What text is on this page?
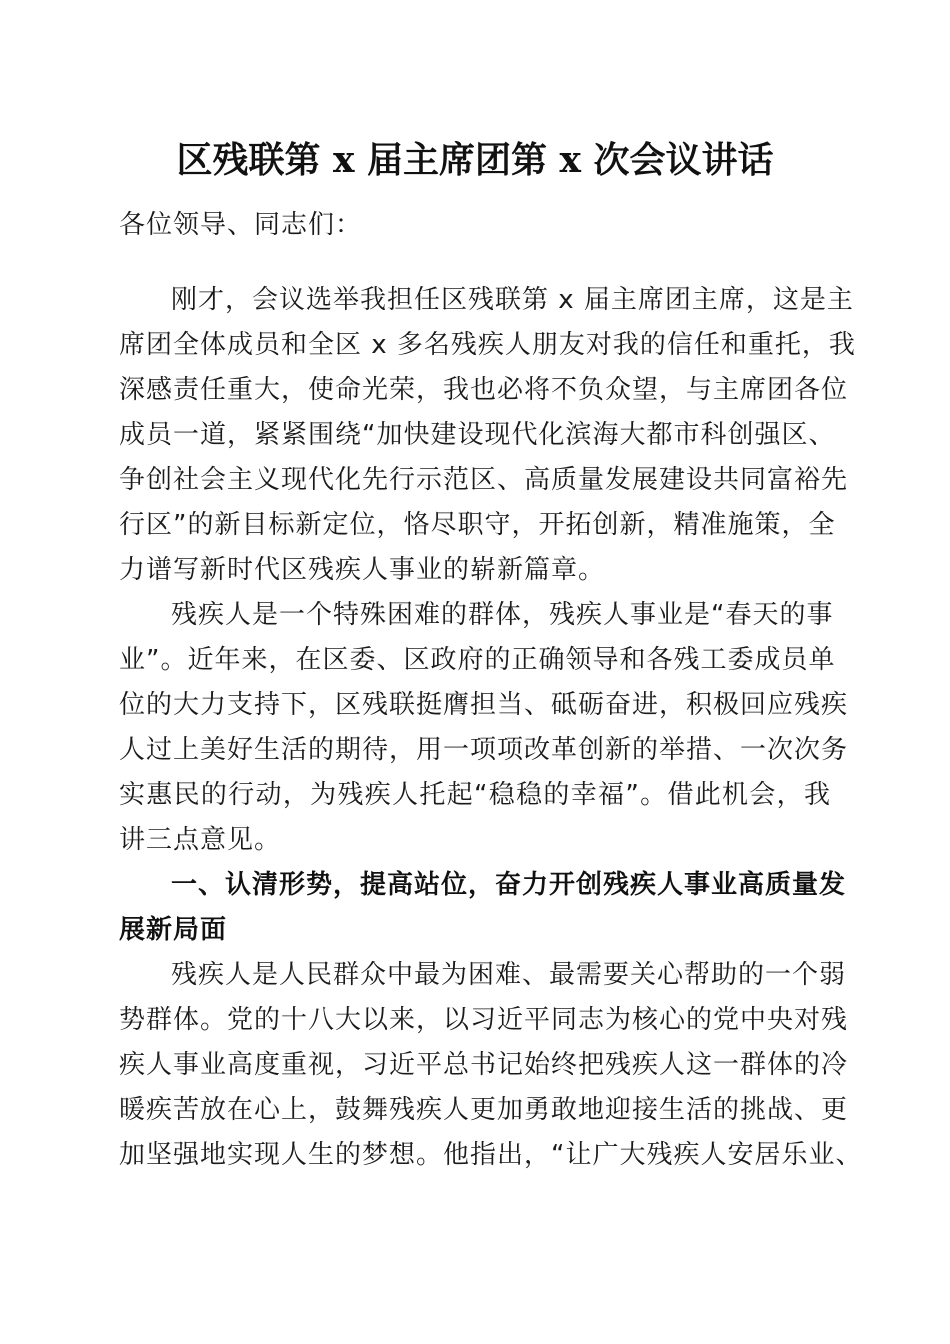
区残联第 x 届主席团第 x 次会议讲话
各位领导、同志们：
刚才，会议选举我担任区残联第 x 届主席团主席，这是主
席团全体成员和全区 x 多名残疾人朋友对我的信任和重托，我
深感责任重大，使命光荣，我也必将不负众望，与主席团各位
成员一道，紧紧围绕“加快建设现代化滨海大都市科创强区、
争创社会主义现代化先行示范区、高质量发展建设共同富裕先
行区”的新目标新定位，恪尽职守，开拓创新，精准施策，全
力谱写新时代区残疾人事业的崭新篇章。
残疾人是一个特殊困难的群体，残疾人事业是“春天的事
业”。近年来，在区委、区政府的正确领导和各残工委成员单
位的大力支持下，区残联挺膺担当、砥砺奋进，积极回应残疾
人过上美好生活的期待，用一项项改革创新的举措、一次次务
实惠民的行动，为残疾人托起“稳稳的幸福”。借此机会，我
讲三点意见。
一、认清形势，提高站位，奋力开创残疾人事业高质量发
展新局面
残疾人是人民群众中最为困难、最需要关心帮助的一个弱
势群体。党的十八大以来，以习近平同志为核心的党中央对残
疾人事业高度重视，习近平总书记始终把残疾人这一群体的冷
暖疾苦放在心上，鼓舞残疾人更加勇敢地迎接生活的挑战、更
加坚强地实现人生的梦想。他指出，“让广大残疾人安居乐业、
